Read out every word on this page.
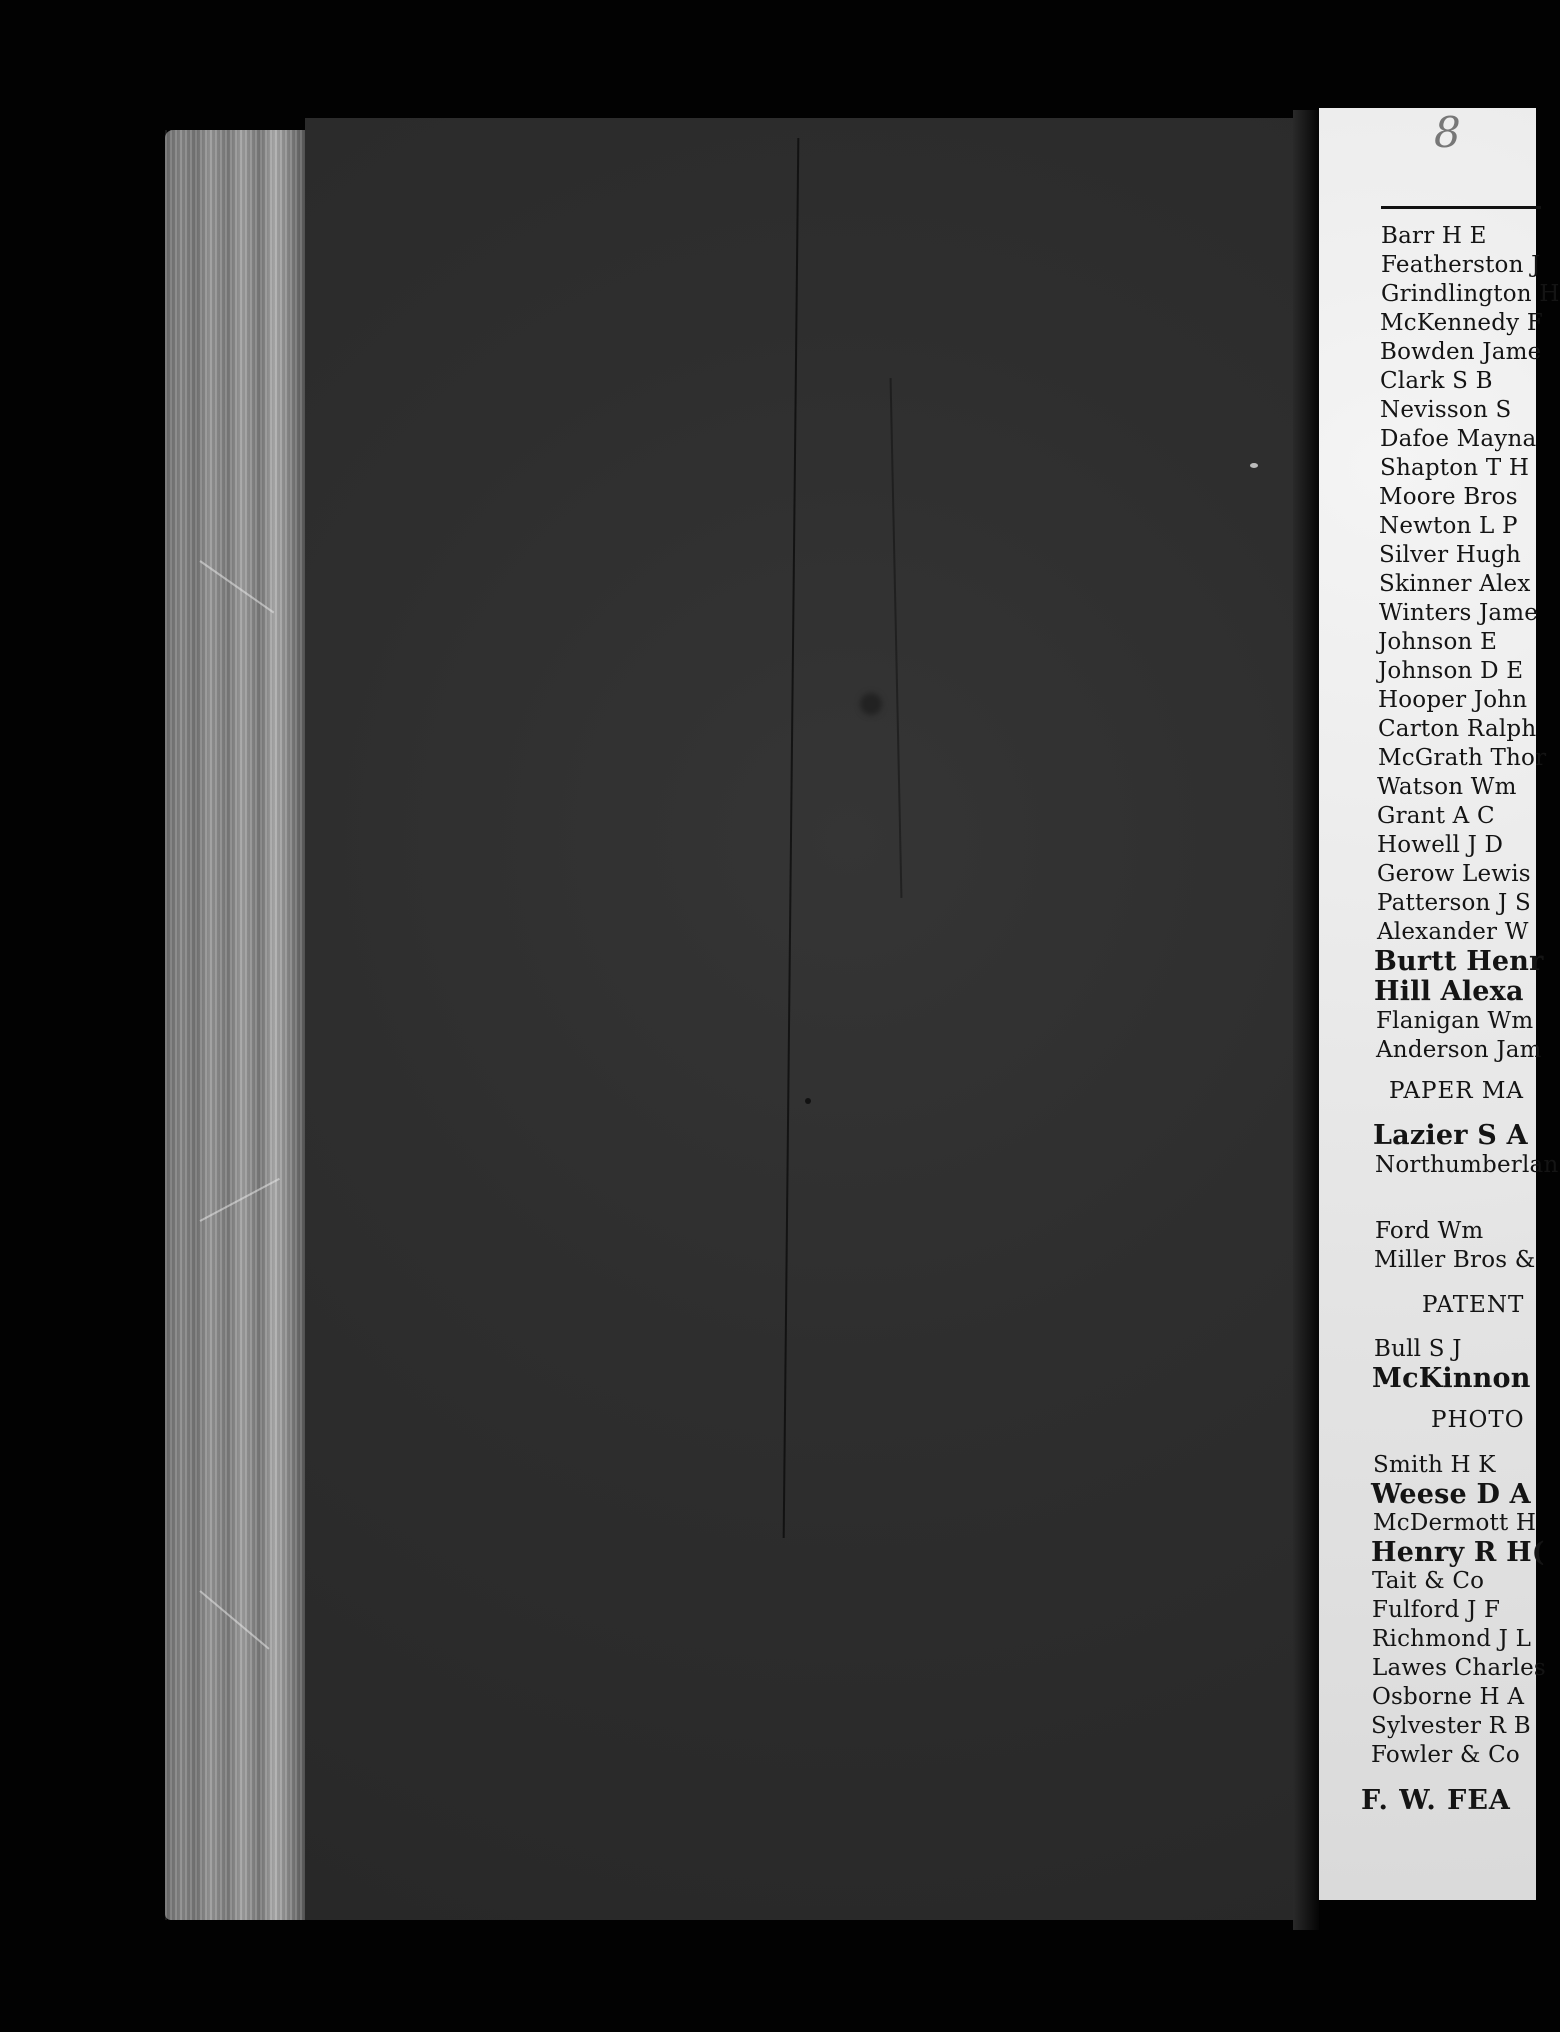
8
Barr H E
Featherston J
Grindlington H
McKennedy F
Bowden Jame
Clark S B
Nevisson S
Dafoe Mayna
Shapton T H
Moore Bros
Newton L P
Silver Hugh
Skinner Alex
Winters Jame
Johnson E
Johnson D E
Hooper John
Carton Ralph
McGrath Thor
Watson Wm
Grant A C
Howell J D
Gerow Lewis
Patterson J S
Alexander W
Burtt Henr
Hill Alexa
Flanigan Wm
Anderson Jam
PAPER MA
Lazier S A
Northumberlan
Ford Wm
Miller Bros &
PATENT
Bull S J
McKinnon
PHOTO
Smith H K
Weese D A
McDermott H
Henry R H(
Tait & Co
Fulford J F
Richmond J L
Lawes Charles
Osborne H A
Sylvester R B
Fowler & Co
F. W. FEA
